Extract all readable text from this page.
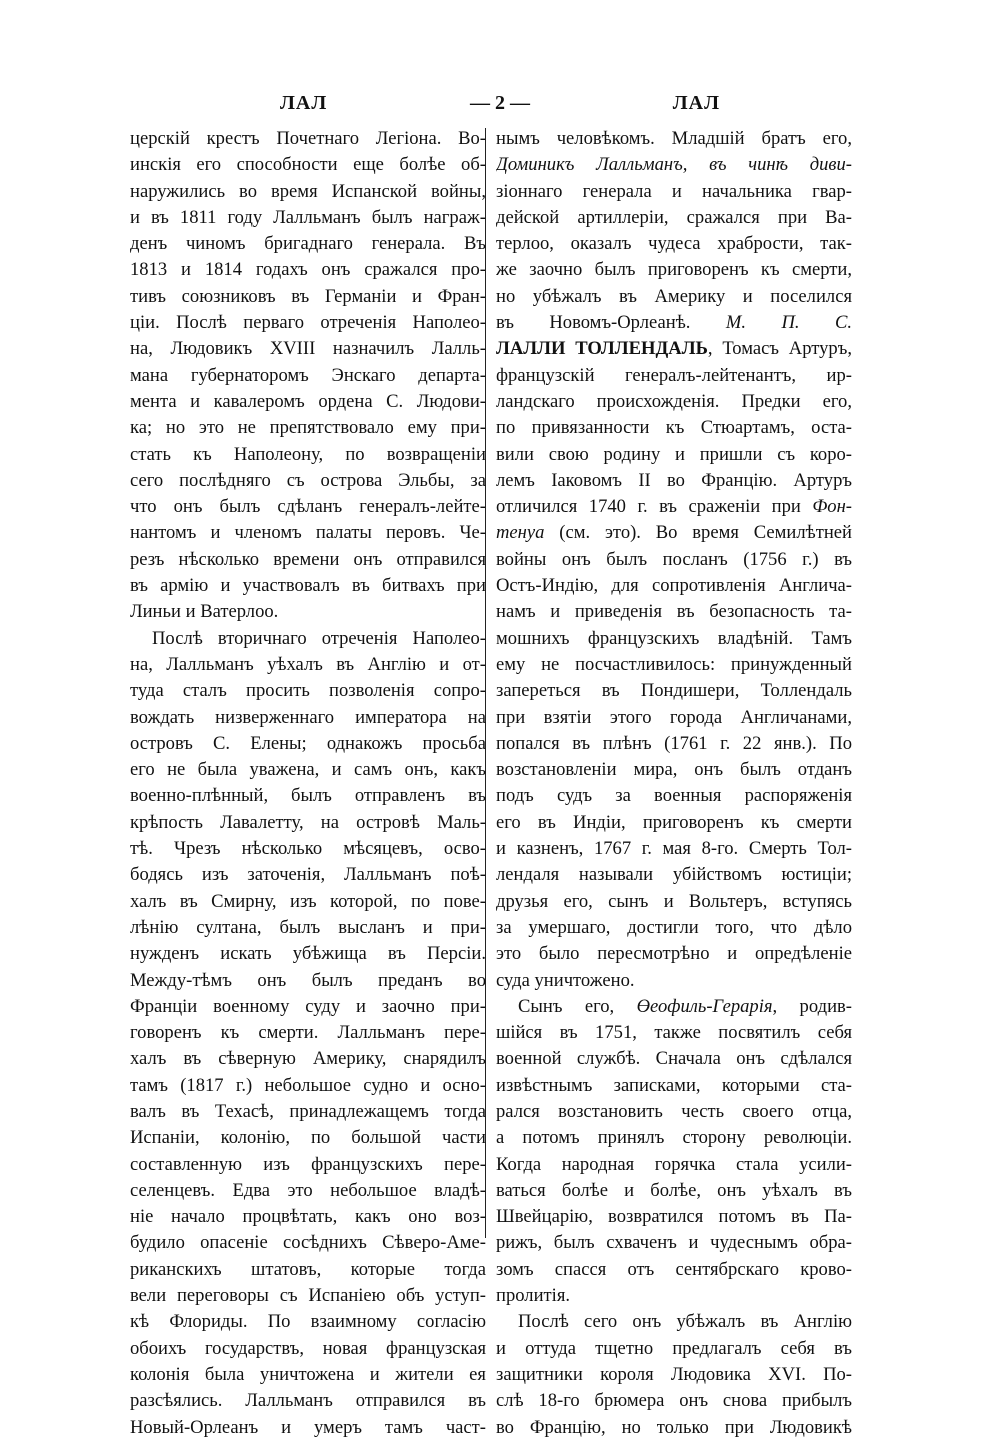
ЛАЛ	— 2 —	ЛАЛ
церскій крестъ Почетнаго Легіона. Во-
инскія его способности еще болѣе об-
наружились во время Испанской войны,
и въ 1811 году Лалльманъ былъ награж-
денъ чиномъ бригаднаго генерала. Въ
1813 и 1814 годахъ онъ сражался про-
тивъ союзниковъ въ Германіи и Фран-
ціи. Послѣ перваго отреченія Наполео-
на, Людовикъ XVIII назначилъ Лалль-
мана губернаторомъ Энскаго департа-
мента и кавалеромъ ордена С. Людови-
ка; но это не препятствовало ему при-
стать къ Наполеону, по возвращеніи
сего послѣдняго съ острова Эльбы, за
что онъ былъ сдѣланъ генералъ-лейте-
нантомъ и членомъ палаты перовъ. Че-
резъ нѣсколько времени онъ отправился
въ армію и участвовалъ въ битвахъ при
Линьи и Ватерлоо.
Послѣ вторичнаго отреченія Наполео-
на, Лалльманъ уѣхалъ въ Англію и от-
туда сталъ просить позволенія сопро-
вождать низверженнаго императора на
островъ С. Елены; однакожъ просьба
его не была уважена, и самъ онъ, какъ
военно-плѣнный, былъ отправленъ въ
крѣпость Лавалетту, на островѣ Маль-
тѣ. Чрезъ нѣсколько мѣсяцевъ, осво-
бодясь изъ заточенія, Лалльманъ поѣ-
халъ въ Смирну, изъ которой, по пове-
лѣнію султана, былъ высланъ и при-
нужденъ искать убѣжища въ Персіи.
Между-тѣмъ онъ былъ преданъ во
Франціи военному суду и заочно при-
говоренъ къ смерти. Лалльманъ пере-
халъ въ сѣверную Америку, снарядилъ
тамъ (1817 г.) небольшое судно и осно-
валъ въ Техасѣ, принадлежащемъ тогда
Испаніи, колонію, по большой части
составленную изъ французскихъ пере-
селенцевъ. Едва это небольшое владѣ-
ніе начало процвѣтать, какъ оно воз-
будило опасеніе сосѣднихъ Сѣверо-Аме-
риканскихъ штатовъ, которые тогда
вели переговоры съ Испаніею объ уступ-
кѣ Флориды. По взаимному согласію
обоихъ государствъ, новая французская
колонія была уничтожена и жители ея
разсѣялись. Лалльманъ отправился въ
Новый-Орлеанъ и умеръ тамъ част-
нымъ человѣкомъ. Младшій братъ его,
Доминикъ Лалльманъ, въ чинѣ диви-
зіоннаго генерала и начальника гвар-
дейской артиллеріи, сражался при Ва-
терлоо, оказалъ чудеса храбрости, так-
же заочно былъ приговоренъ къ смерти,
но убѣжалъ въ Америку и поселился
въ Новомъ-Орлеанѣ. М. П. С.
ЛАЛЛИ ТОЛЛЕНДАЛЬ, Томасъ Артуръ,
французскій генералъ-лейтенантъ, ир-
ландскаго происхожденія. Предки его,
по привязанности къ Стюартамъ, оста-
вили свою родину и пришли съ коро-
лемъ Іаковомъ II во Францію. Артуръ
отличился 1740 г. въ сраженіи при Фон-
тенуа (см. это). Во время Семилѣтней
войны онъ былъ посланъ (1756 г.) въ
Остъ-Индію, для сопротивленія Англича-
намъ и приведенія въ безопасность та-
мошнихъ французскихъ владѣній. Тамъ
ему не посчастливилось: принужденный
запереться въ Пондишери, Толлендаль
при взятіи этого города Англичанами,
попался въ плѣнъ (1761 г. 22 янв.). По
возстановленіи мира, онъ былъ отданъ
подъ судъ за военныя распоряженія
его въ Индіи, приговоренъ къ смерти
и казненъ, 1767 г. мая 8-го. Смерть Тол-
лендаля называли убійствомъ юстиціи;
друзья его, сынъ и Вольтеръ, вступясь
за умершаго, достигли того, что дѣло
это было пересмотрѣно и опредѣленіе
суда уничтожено.
Сынъ его, Өеофиль-Герарія, родив-
шійся въ 1751, также посвятилъ себя
военной службѣ. Сначала онъ сдѣлался
извѣстнымъ записками, которыми ста-
рался возстановить честь своего отца,
а потомъ принялъ сторону революціи.
Когда народная горячка стала усили-
ваться болѣе и болѣе, онъ уѣхалъ въ
Швейцарію, возвратился потомъ въ Па-
рижъ, былъ схваченъ и чудеснымъ обра-
зомъ спасся отъ сентябрскаго крово-
пролитія.
Послѣ сего онъ убѣжалъ въ Англію
и оттуда тщетно предлагалъ себя въ
защитники короля Людовика XVI. По-
слѣ 18-го брюмера онъ снова прибылъ
во Францію, но только при Людовикѣ
